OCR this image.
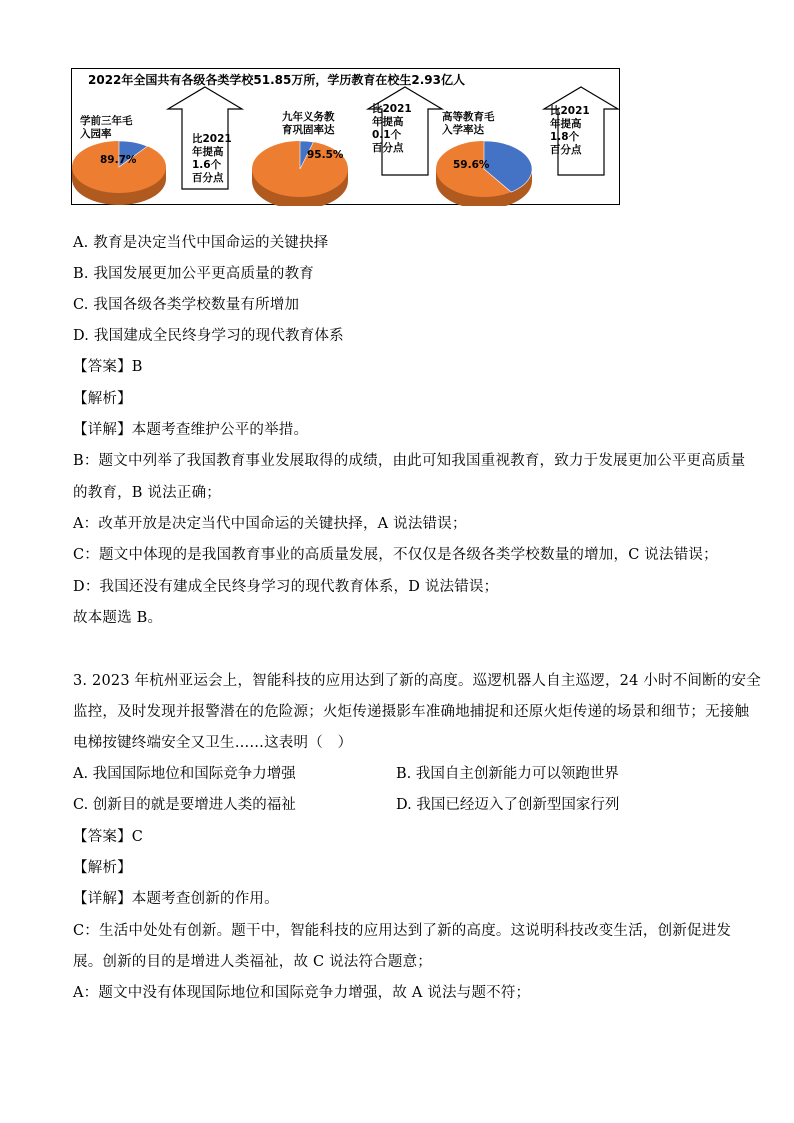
2022年全国共有各级各类学校51.85万所，学历教育在校生2.93亿人
学前三年毛
入园率
89.7%
比2021
年提高
1.6个
百分点
九年义务教
育巩固率达
95.5%
比2021
年提高
0.1个
百分点
高等教育毛
入学率达
59.6%
比2021
年提高
1.8个
百分点
A. 教育是决定当代中国命运的关键抉择
B. 我国发展更加公平更高质量的教育
C. 我国各级各类学校数量有所增加
D. 我国建成全民终身学习的现代教育体系
【答案】B
【解析】
【详解】本题考查维护公平的举措。
B：题文中列举了我国教育事业发展取得的成绩，由此可知我国重视教育，致力于发展更加公平更高质量
的教育，B 说法正确；
A：改革开放是决定当代中国命运的关键抉择，A 说法错误；
C：题文中体现的是我国教育事业的高质量发展，不仅仅是各级各类学校数量的增加，C 说法错误；
D：我国还没有建成全民终身学习的现代教育体系，D 说法错误；
故本题选 B。
3. 2023 年杭州亚运会上，智能科技的应用达到了新的高度。巡逻机器人自主巡逻，24 小时不间断的安全
监控，及时发现并报警潜在的危险源；火炬传递摄影车准确地捕捉和还原火炬传递的场景和细节；无接触
电梯按键终端安全又卫生……这表明（　）
A. 我国国际地位和国际竞争力增强	B. 我国自主创新能力可以领跑世界
C. 创新目的就是要增进人类的福祉	D. 我国已经迈入了创新型国家行列
【答案】C
【解析】
【详解】本题考查创新的作用。
C：生活中处处有创新。题干中，智能科技的应用达到了新的高度。这说明科技改变生活，创新促进发
展。创新的目的是增进人类福祉，故 C 说法符合题意；
A：题文中没有体现国际地位和国际竞争力增强，故 A 说法与题不符；
